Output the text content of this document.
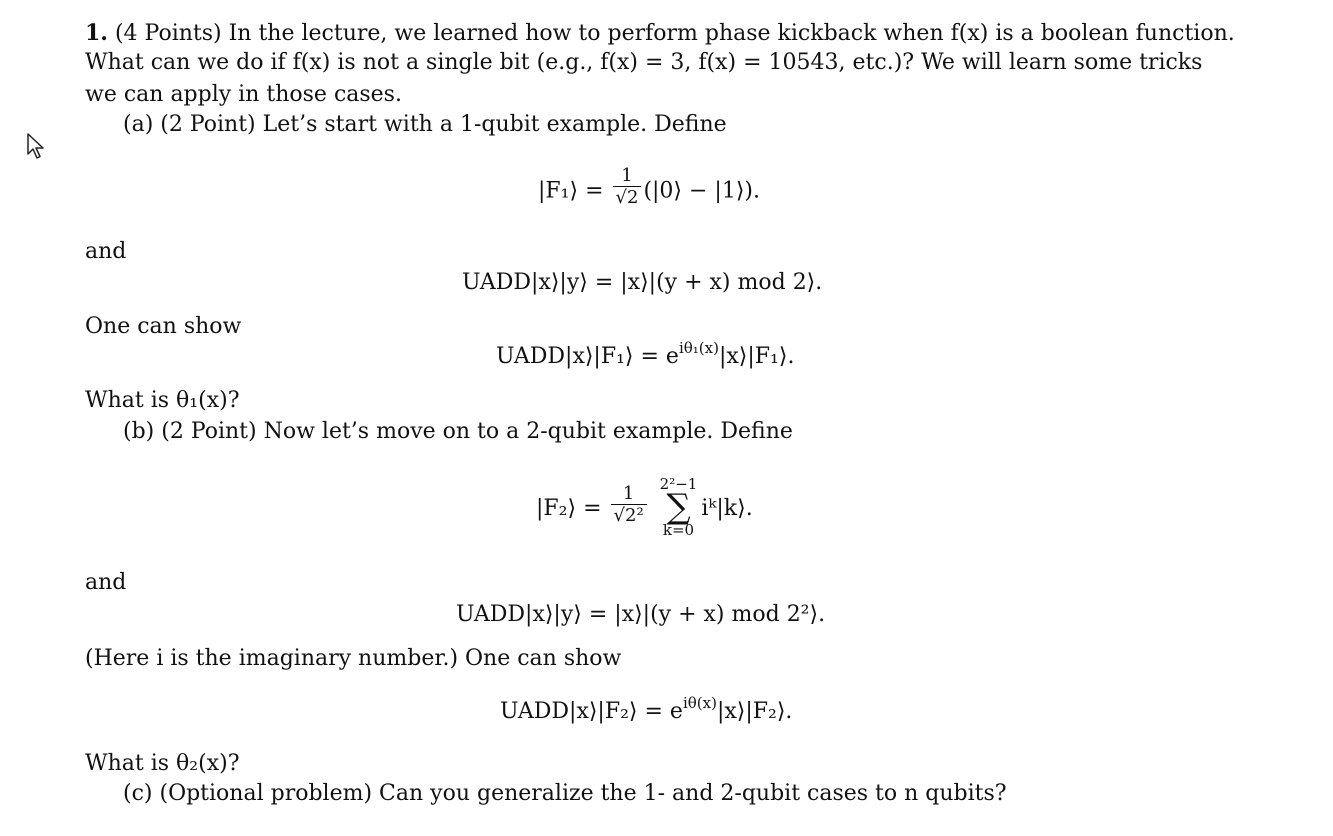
1. (4 Points) In the lecture, we learned how to perform phase kickback when f(x) is a boolean function.
What can we do if f(x) is not a single bit (e.g., f(x) = 3, f(x) = 10543, etc.)? We will learn some tricks
we can apply in those cases.
(a) (2 Point) Let’s start with a 1-qubit example. Define
|F₁⟩ = $\frac{1}{√2}$ (|0⟩ − |1⟩).
and
UADD|x⟩|y⟩ = |x⟩|(y + x) mod 2⟩.
One can show
UADD|x⟩|F₁⟩ = $e^{i\theta_1(x)}|x⟩|F_1⟩$.
What is θ₁(x)?
(b) (2 Point) Now let’s move on to a 2-qubit example. Define
|F₂⟩ = $\frac{1}{\text{√2²}}$
2²−1
∑
k=0
iᵏ|k⟩.
and
UADD|x⟩|y⟩ = |x⟩|(y + x) mod 2²⟩.
(Here i is the imaginary number.) One can show
UADD|x⟩|F₂⟩ = $e^{i\theta(x)}|x⟩|F_2⟩$.
What is θ₂(x)?
(c) (Optional problem) Can you generalize the 1- and 2-qubit cases to n qubits?
